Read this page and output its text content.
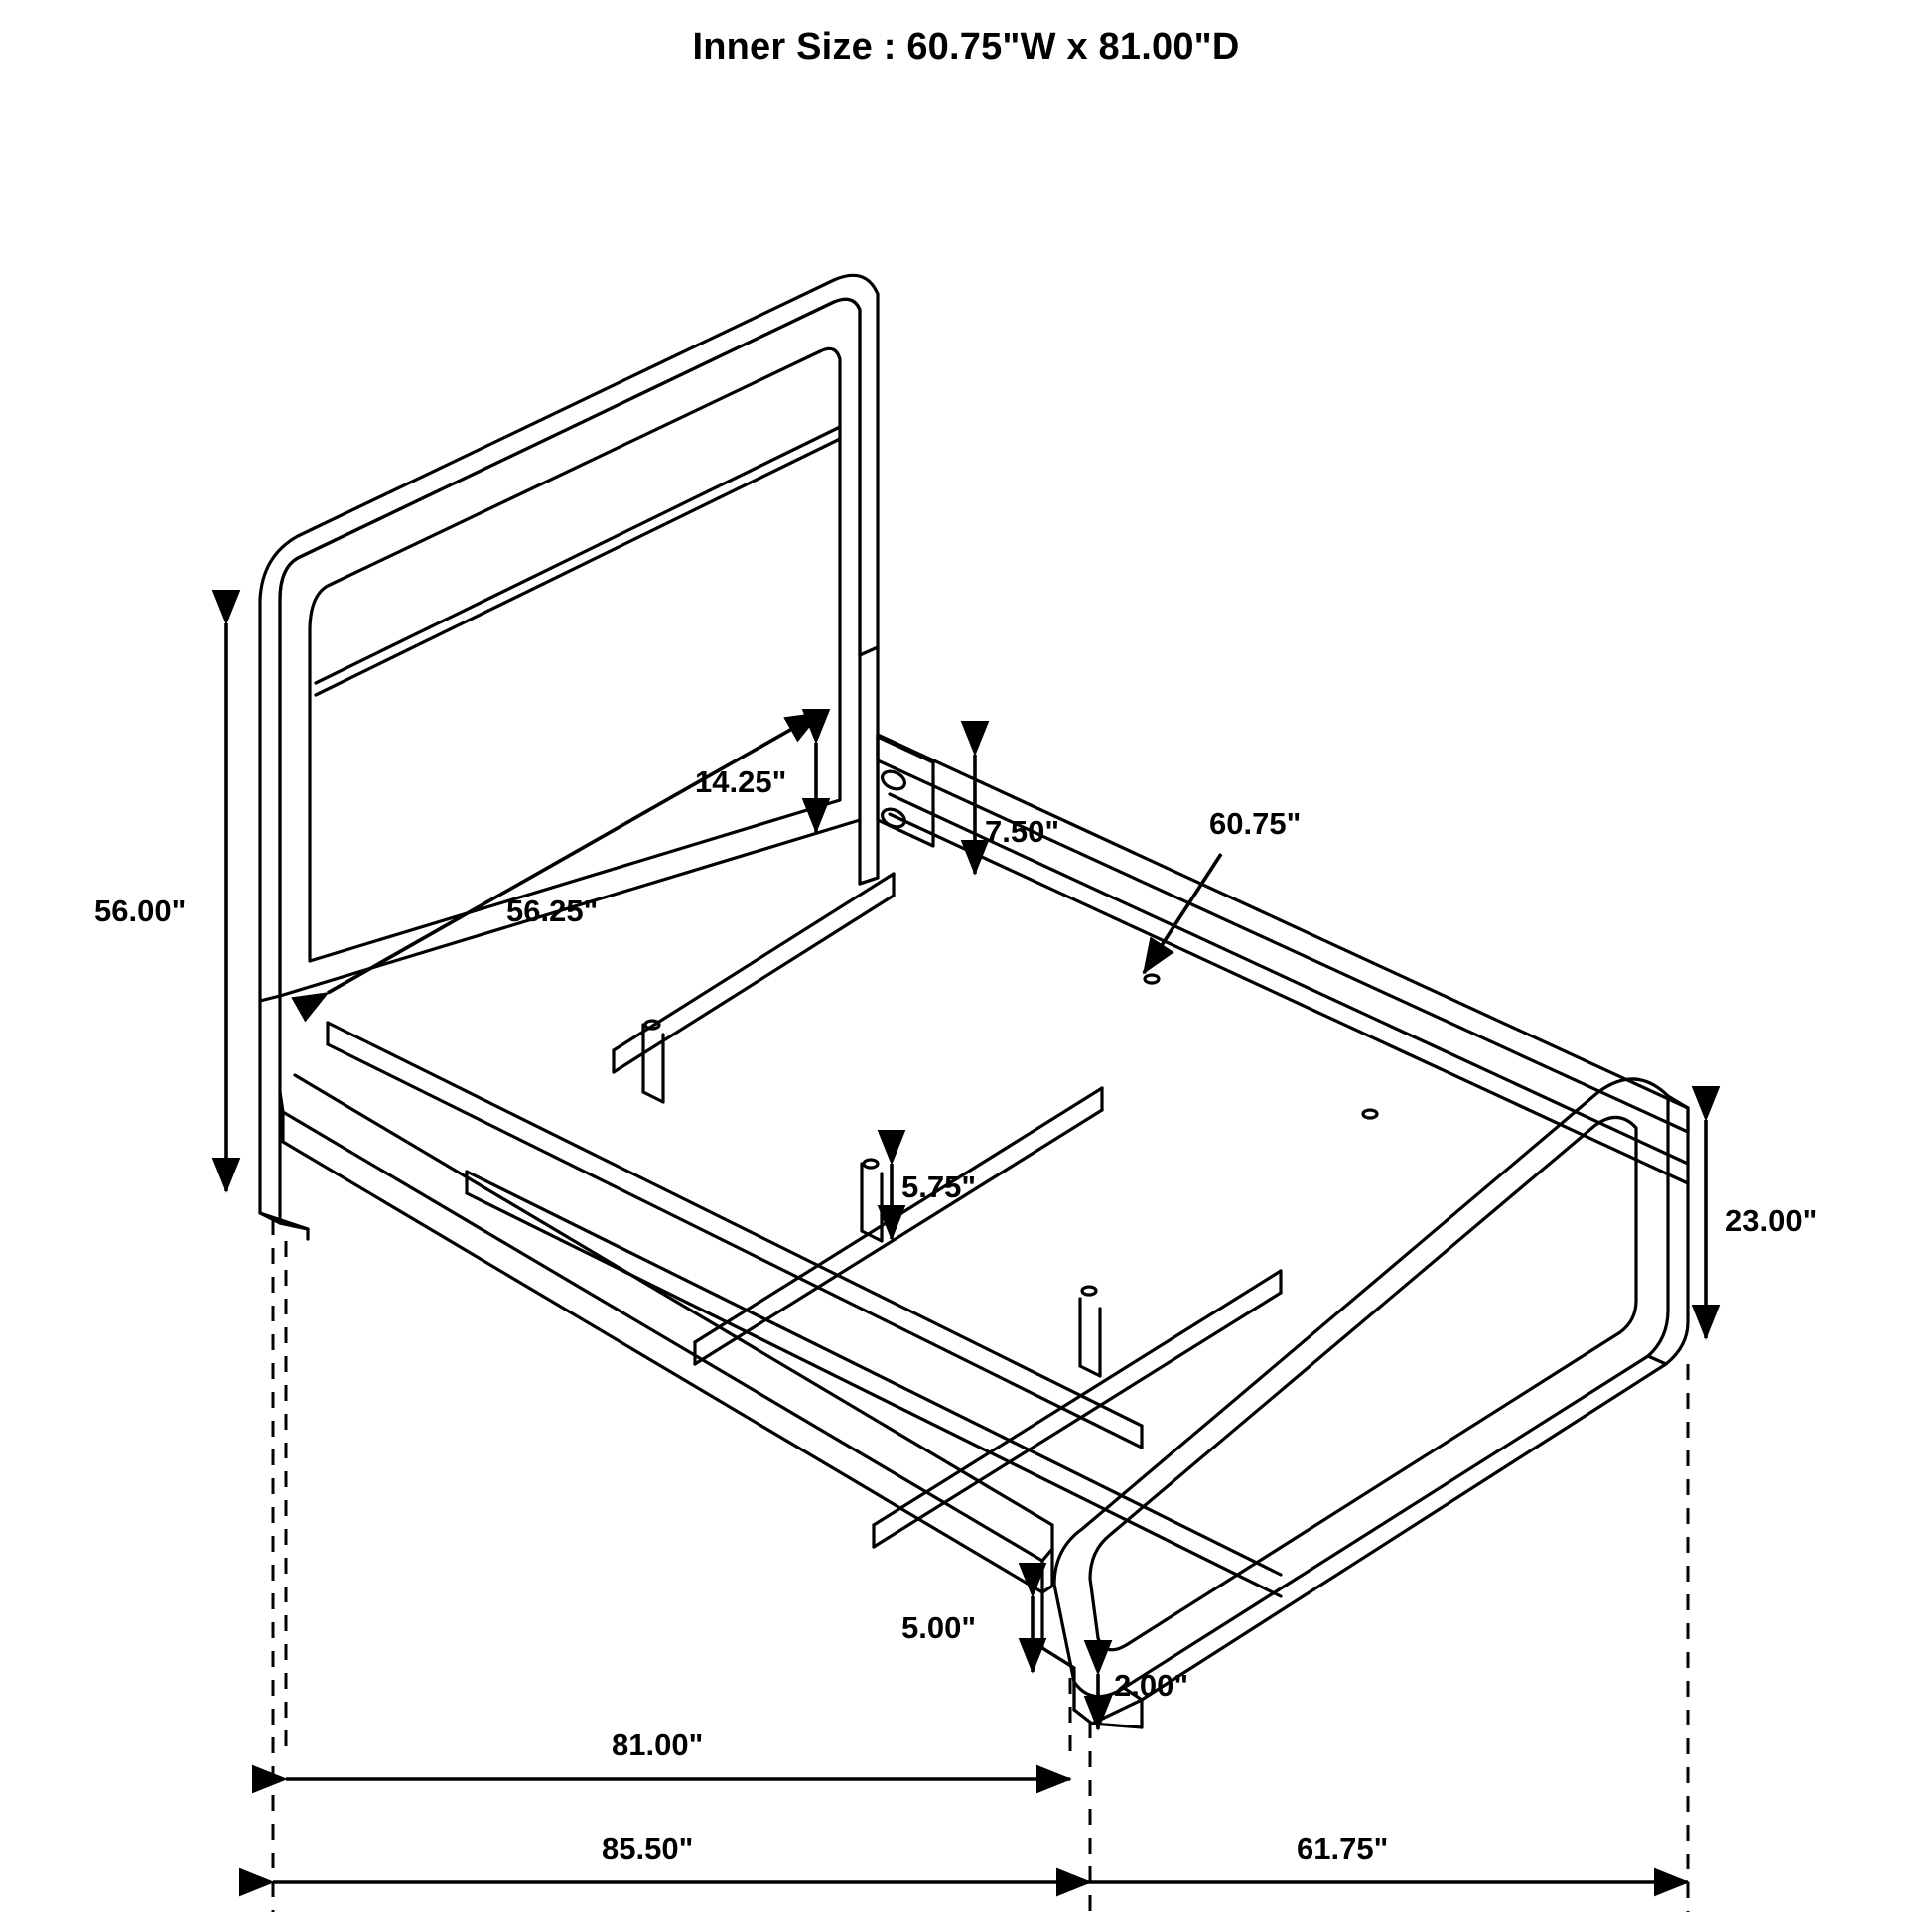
Inner Size : 60.75"W x 81.00"D
56.00"
14.25"
56.25"
7.50"	60.75"
5.75"
23.00"
5.00"
2.00"
81.00"
85.50"	61.75"
